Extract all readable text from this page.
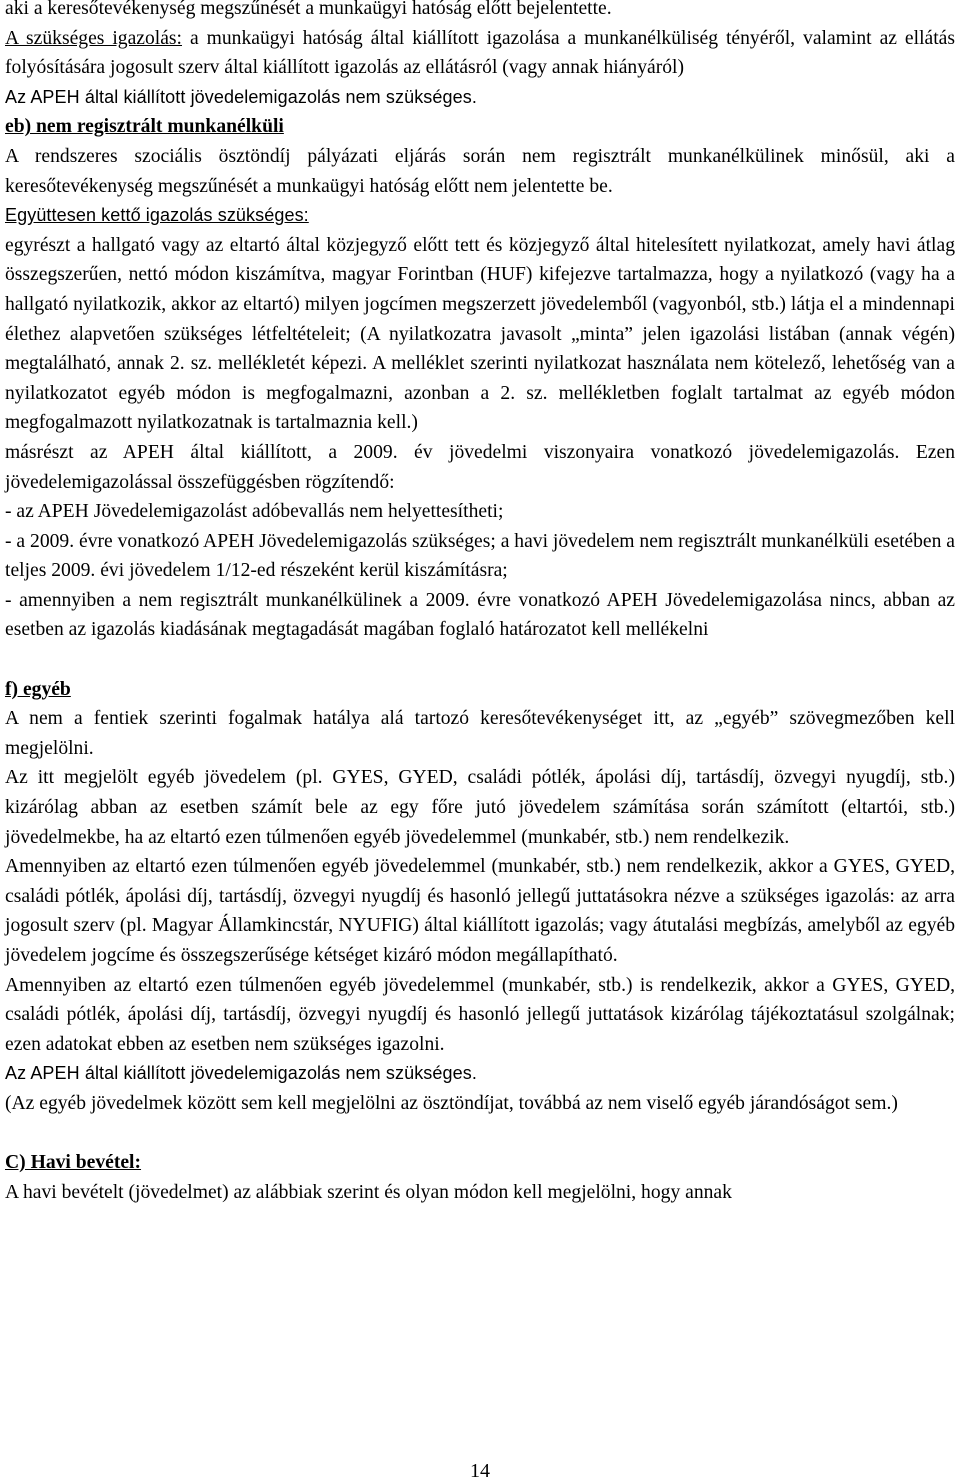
aki a keresőtevékenység megszűnését a munkaügyi hatóság előtt bejelentette.

A szükséges igazolás: a munkaügyi hatóság által kiállított igazolása a munkanélküliség tényéről, valamint az ellátás folyósítására jogosult szerv által kiállított igazolás az ellátásról (vagy annak hiányáról)

Az APEH által kiállított jövedelemigazolás nem szükséges.

eb) nem regisztrált munkanélküli

A rendszeres szociális ösztöndíj pályázati eljárás során nem regisztrált munkanélkülinek minősül, aki a keresőtevékenység megszűnését a munkaügyi hatóság előtt nem jelentette be.

Együttesen kettő igazolás szükséges:

egyrészt a hallgató vagy az eltartó által közjegyző előtt tett és közjegyző által hitelesített nyilatkozat, amely havi átlag összegszerűen, nettó módon kiszámítva, magyar Forintban (HUF) kifejezve tartalmazza, hogy a nyilatkozó (vagy ha a hallgató nyilatkozik, akkor az eltartó) milyen jogcímen megszerzett jövedelemből (vagyonból, stb.) látja el a mindennapi élethez alapvetően szükséges létfeltételeit; (A nyilatkozatra javasolt „minta” jelen igazolási listában (annak végén) megtalálható, annak 2. sz. mellékletét képezi. A melléklet szerinti nyilatkozat használata nem kötelező, lehetőség van a nyilatkozatot egyéb módon is megfogalmazni, azonban a 2. sz. mellékletben foglalt tartalmat az egyéb módon megfogalmazott nyilatkozatnak is tartalmaznia kell.)

másrészt az APEH által kiállított, a 2009. év jövedelmi viszonyaira vonatkozó jövedelemigazolás. Ezen jövedelemigazolással összefüggésben rögzítendő:

- az APEH Jövedelemigazolást adóbevallás nem helyettesítheti;

- a 2009. évre vonatkozó APEH Jövedelemigazolás szükséges; a havi jövedelem nem regisztrált munkanélküli esetében a teljes 2009. évi jövedelem 1/12-ed részeként kerül kiszámításra;

- amennyiben a nem regisztrált munkanélkülinek a 2009. évre vonatkozó APEH Jövedelemigazolása nincs, abban az esetben az igazolás kiadásának megtagadását magában foglaló határozatot kell mellékelni

f) egyéb

A nem a fentiek szerinti fogalmak hatálya alá tartozó keresőtevékenységet itt, az „egyéb” szövegmezőben kell megjelölni.

Az itt megjelölt egyéb jövedelem (pl. GYES, GYED, családi pótlék, ápolási díj, tartásdíj, özvegyi nyugdíj, stb.) kizárólag abban az esetben számít bele az egy főre jutó jövedelem számítása során számított (eltartói, stb.) jövedelmekbe, ha az eltartó ezen túlmenően egyéb jövedelemmel (munkabér, stb.) nem rendelkezik.

Amennyiben az eltartó ezen túlmenően egyéb jövedelemmel (munkabér, stb.) nem rendelkezik, akkor a GYES, GYED, családi pótlék, ápolási díj, tartásdíj, özvegyi nyugdíj és hasonló jellegű juttatásokra nézve a szükséges igazolás: az arra jogosult szerv (pl. Magyar Államkincstár, NYUFIG) által kiállított igazolás; vagy átutalási megbízás, amelyből az egyéb jövedelem jogcíme és összegszerűsége kétséget kizáró módon megállapítható.

Amennyiben az eltartó ezen túlmenően egyéb jövedelemmel (munkabér, stb.) is rendelkezik, akkor a GYES, GYED, családi pótlék, ápolási díj, tartásdíj, özvegyi nyugdíj és hasonló jellegű juttatások kizárólag tájékoztatásul szolgálnak; ezen adatokat ebben az esetben nem szükséges igazolni.

Az APEH által kiállított jövedelemigazolás nem szükséges.

(Az egyéb jövedelmek között sem kell megjelölni az ösztöndíjat, továbbá az nem viselő egyéb járandóságot sem.)

C) Havi bevétel:

A havi bevételt (jövedelmet) az alábbiak szerint és olyan módon kell megjelölni, hogy annak

14
